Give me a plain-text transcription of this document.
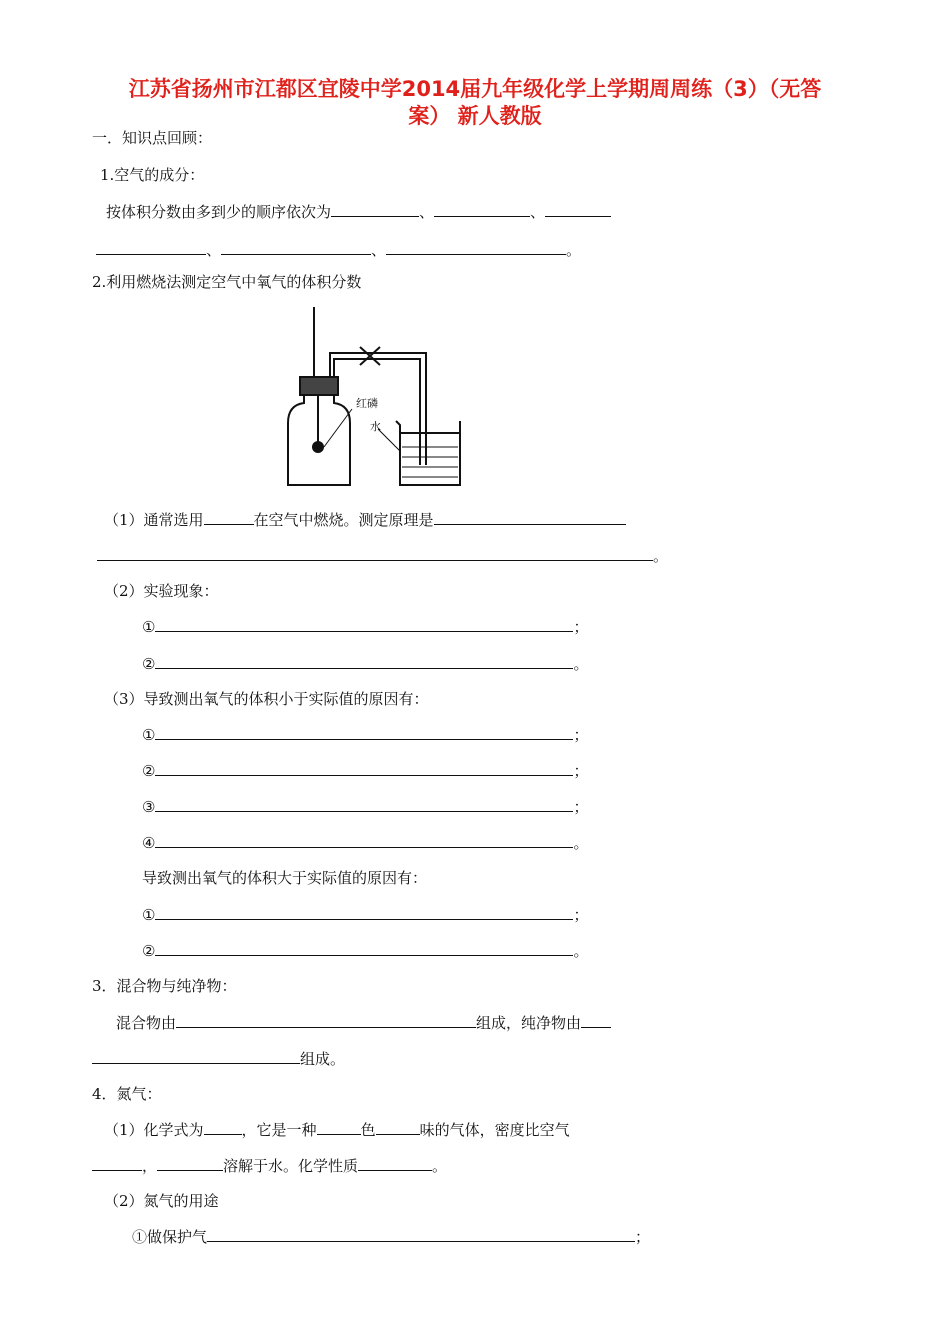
江苏省扬州市江都区宜陵中学2014届九年级化学上学期周周练（3）（无答
案） 新人教版
一．知识点回顾：
1.空气的成分：
按体积分数由多到少的顺序依次为	、	、
、	、	。
2.利用燃烧法测定空气中氧气的体积分数
红磷
水
（1）通常选用	在空气中燃烧。测定原理是
。
（2）实验现象：
①	；
②	。
（3）导致测出氧气的体积小于实际值的原因有：
①	；
②	；
③	；
④	。
导致测出氧气的体积大于实际值的原因有：
①	；
②	。
3．混合物与纯净物：
混合物由	组成，纯净物由
组成。
4．氮气：
（1）化学式为	，它是一种	色	味的气体，密度比空气
，	溶解于水。化学性质	。
（2）氮气的用途
①做保护气	；
